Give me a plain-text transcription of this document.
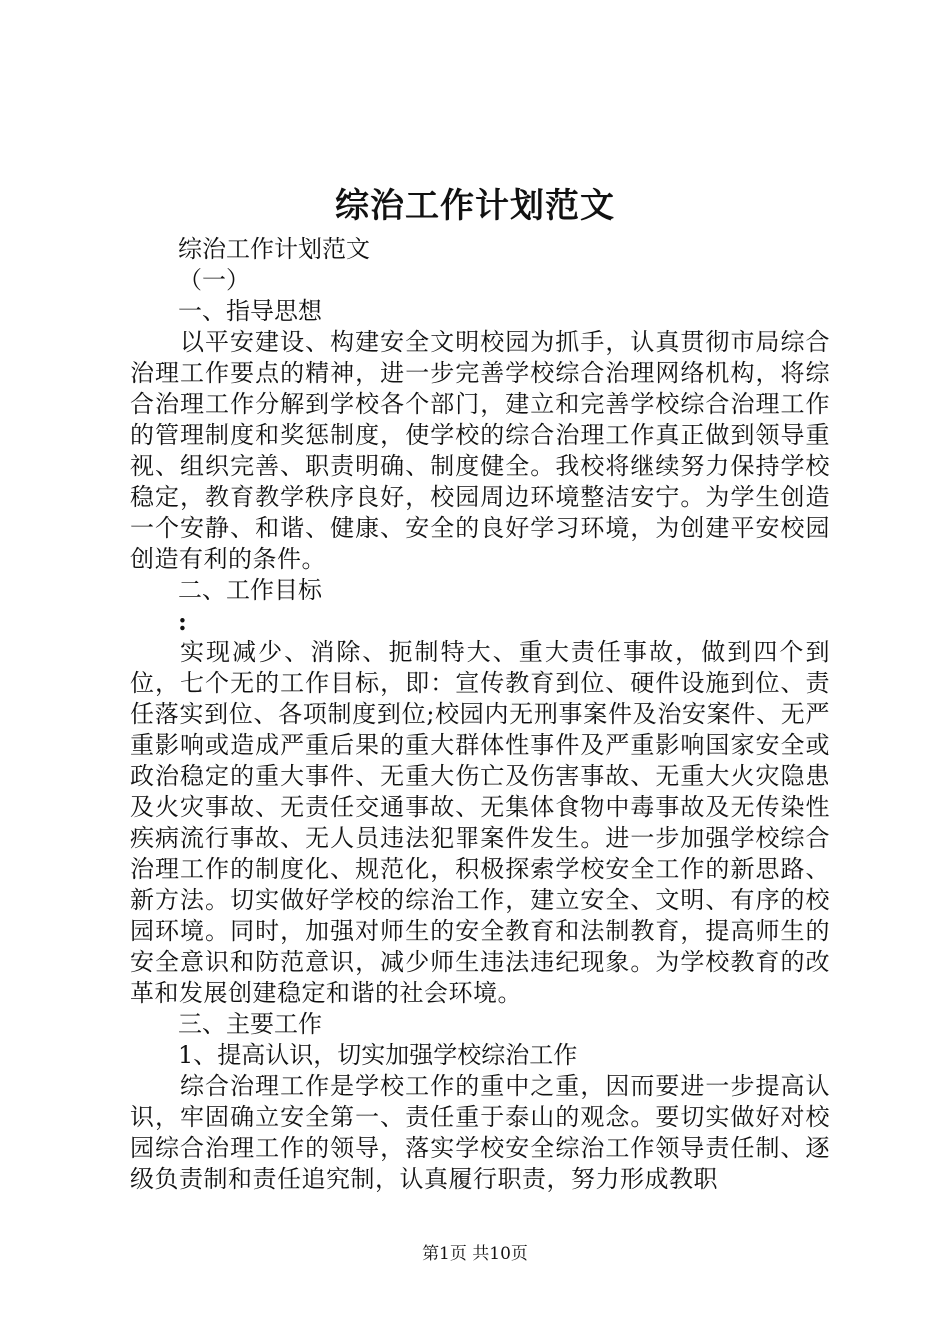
综治工作计划范文

综治工作计划范文

（一）

一、指导思想

以平安建设、构建安全文明校园为抓手，认真贯彻市局综合治理工作要点的精神，进一步完善学校综合治理网络机构，将综合治理工作分解到学校各个部门，建立和完善学校综合治理工作的管理制度和奖惩制度，使学校的综合治理工作真正做到领导重视、组织完善、职责明确、制度健全。我校将继续努力保持学校稳定，教育教学秩序良好，校园周边环境整洁安宁。为学生创造一个安静、和谐、健康、安全的良好学习环境，为创建平安校园创造有利的条件。

二、工作目标

:

实现减少、消除、扼制特大、重大责任事故，做到四个到位，七个无的工作目标，即：宣传教育到位、硬件设施到位、责任落实到位、各项制度到位;校园内无刑事案件及治安案件、无严重影响或造成严重后果的重大群体性事件及严重影响国家安全或政治稳定的重大事件、无重大伤亡及伤害事故、无重大火灾隐患及火灾事故、无责任交通事故、无集体食物中毒事故及无传染性疾病流行事故、无人员违法犯罪案件发生。进一步加强学校综合治理工作的制度化、规范化，积极探索学校安全工作的新思路、新方法。切实做好学校的综治工作，建立安全、文明、有序的校园环境。同时，加强对师生的安全教育和法制教育，提高师生的安全意识和防范意识，减少师生违法违纪现象。为学校教育的改革和发展创建稳定和谐的社会环境。

三、主要工作

1、提高认识，切实加强学校综治工作

综合治理工作是学校工作的重中之重，因而要进一步提高认识，牢固确立安全第一、责任重于泰山的观念。要切实做好对校园综合治理工作的领导，落实学校安全综治工作领导责任制、逐级负责制和责任追究制，认真履行职责，努力形成教职

第1页 共10页
